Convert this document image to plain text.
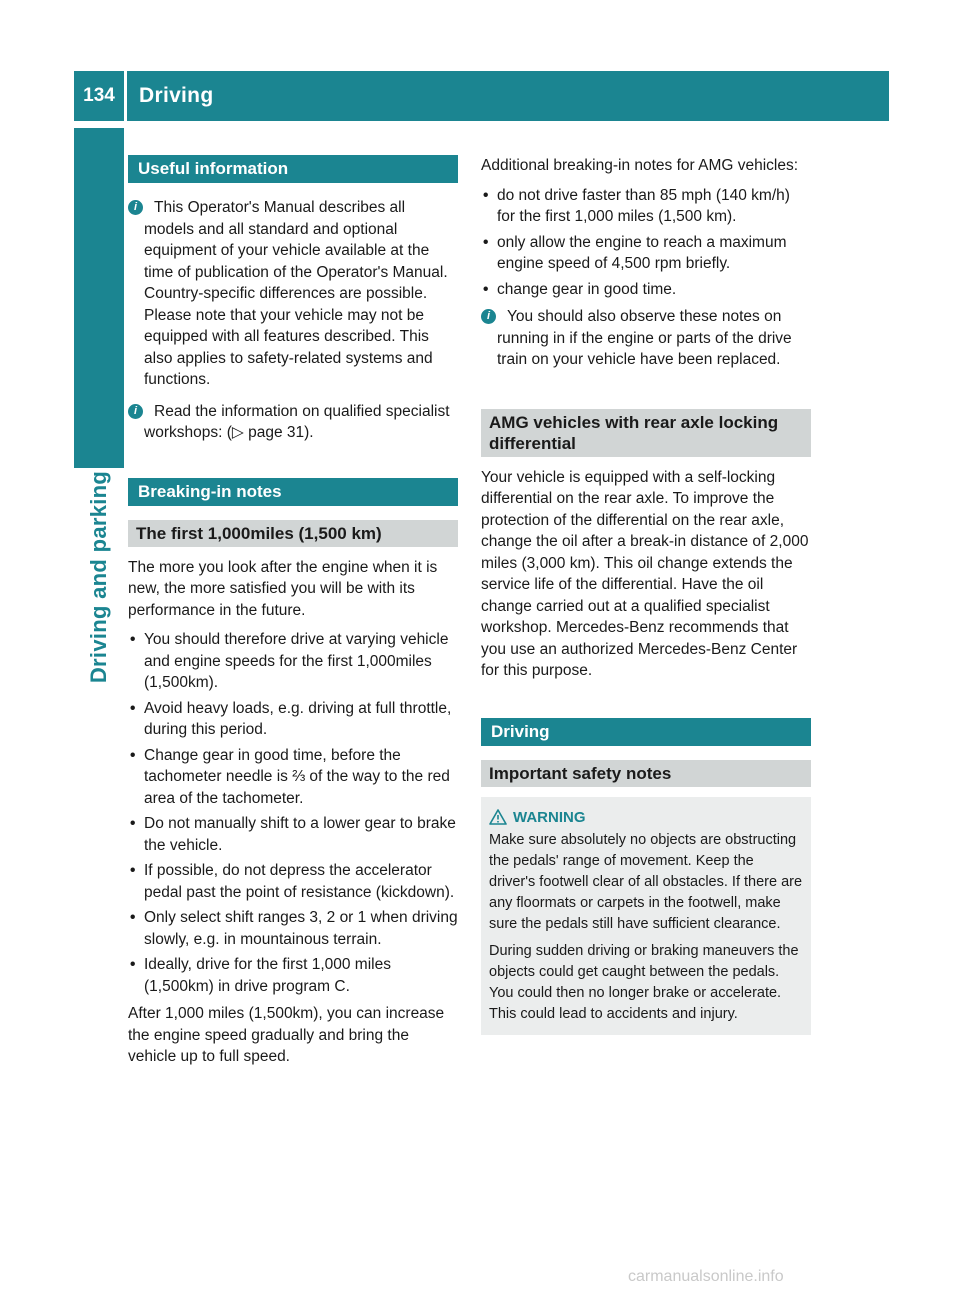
134	Driving
Driving and parking
Useful information
i	This Operator's Manual describes all models and all standard and optional equipment of your vehicle available at the time of publication of the Operator's Manual. Country-specific differences are possible. Please note that your vehicle may not be equipped with all features described. This also applies to safety-related systems and functions.
i	Read the information on qualified specialist workshops: (▷ page 31).
Breaking-in notes
The first 1,000miles (1,500 km)

The more you look after the engine when it is new, the more satisfied you will be with its performance in the future.

• You should therefore drive at varying vehicle and engine speeds for the first 1,000miles (1,500km).
• Avoid heavy loads, e.g. driving at full throttle, during this period.
• Change gear in good time, before the tachometer needle is ⅔ of the way to the red area of the tachometer.
• Do not manually shift to a lower gear to brake the vehicle.
• If possible, do not depress the accelerator pedal past the point of resistance (kickdown).
• Only select shift ranges 3, 2 or 1 when driving slowly, e.g. in mountainous terrain.
• Ideally, drive for the first 1,000 miles (1,500km) in drive program C.

After 1,000 miles (1,500km), you can increase the engine speed gradually and bring the vehicle up to full speed.

Additional breaking-in notes for AMG vehicles:

• do not drive faster than 85 mph (140 km/h) for the first 1,000 miles (1,500 km).
• only allow the engine to reach a maximum engine speed of 4,500 rpm briefly.
• change gear in good time.
i	You should also observe these notes on running in if the engine or parts of the drive train on your vehicle have been replaced.
AMG vehicles with rear axle locking differential

Your vehicle is equipped with a self-locking differential on the rear axle. To improve the protection of the differential on the rear axle, change the oil after a break-in distance of 2,000 miles (3,000 km). This oil change extends the service life of the differential. Have the oil change carried out at a qualified specialist workshop. Mercedes-Benz recommends that you use an authorized Mercedes-Benz Center for this purpose.

Driving
Important safety notes
WARNING

Make sure absolutely no objects are obstructing the pedals' range of movement. Keep the driver's footwell clear of all obstacles. If there are any floormats or carpets in the footwell, make sure the pedals still have sufficient clearance.

During sudden driving or braking maneuvers the objects could get caught between the pedals. You could then no longer brake or accelerate. This could lead to accidents and injury.

carmanualsonline.info
